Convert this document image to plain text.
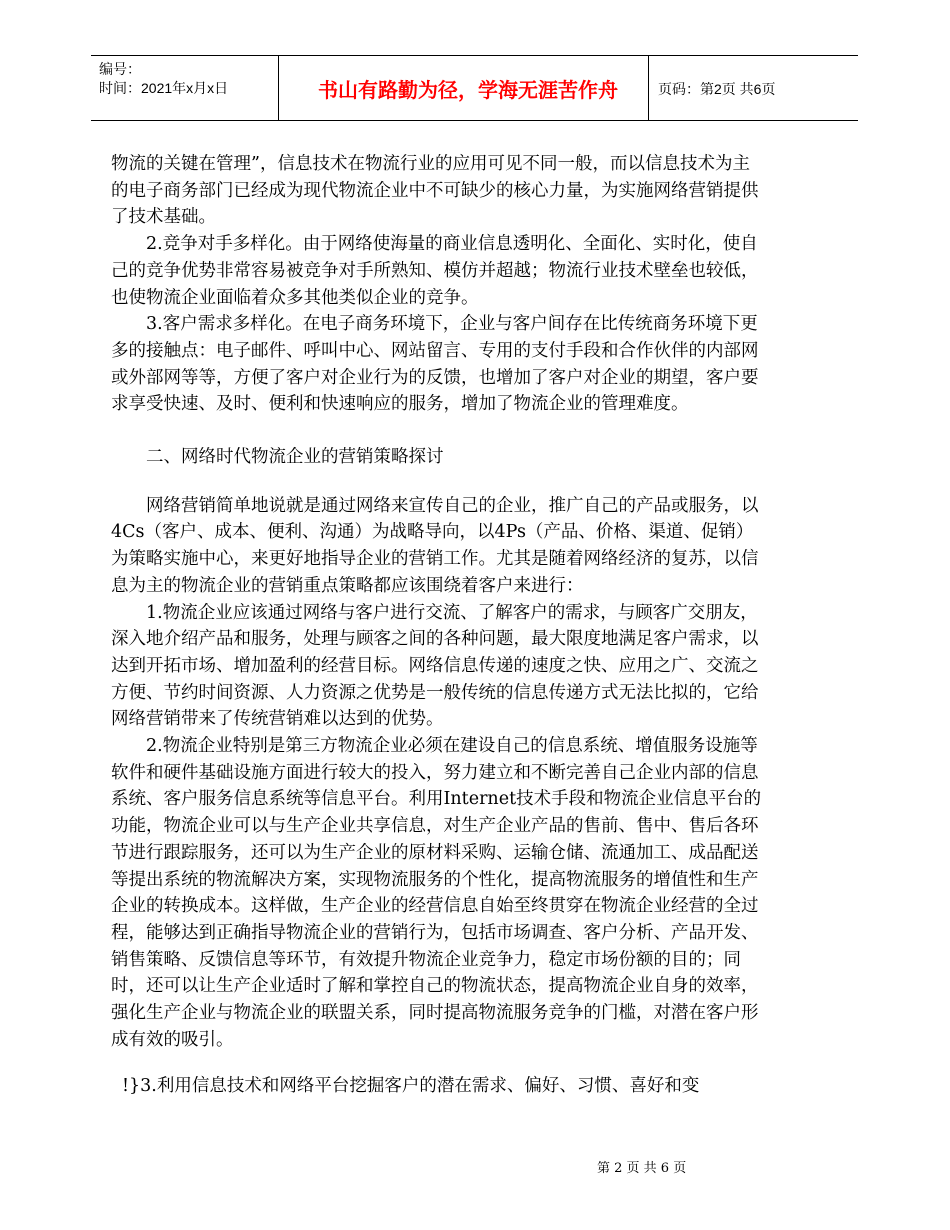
编号：
时间：2021年x月x日	书山有路勤为径，学海无涯苦作舟	页码：第2页 共6页

物流的关键在管理”，信息技术在物流行业的应用可见不同一般，而以信息技术为主的电子商务部门已经成为现代物流企业中不可缺少的核心力量，为实施网络营销提供了技术基础。

2.竞争对手多样化。由于网络使海量的商业信息透明化、全面化、实时化，使自己的竞争优势非常容易被竞争对手所熟知、模仿并超越；物流行业技术壁垒也较低，也使物流企业面临着众多其他类似企业的竞争。

3.客户需求多样化。在电子商务环境下，企业与客户间存在比传统商务环境下更多的接触点：电子邮件、呼叫中心、网站留言、专用的支付手段和合作伙伴的内部网或外部网等等，方便了客户对企业行为的反馈，也增加了客户对企业的期望，客户要求享受快速、及时、便利和快速响应的服务，增加了物流企业的管理难度。

二、网络时代物流企业的营销策略探讨

网络营销简单地说就是通过网络来宣传自己的企业，推广自己的产品或服务，以4Cs（客户、成本、便利、沟通）为战略导向，以4Ps（产品、价格、渠道、促销）为策略实施中心，来更好地指导企业的营销工作。尤其是随着网络经济的复苏，以信息为主的物流企业的营销重点策略都应该围绕着客户来进行：

1.物流企业应该通过网络与客户进行交流、了解客户的需求，与顾客广交朋友，深入地介绍产品和服务，处理与顾客之间的各种问题，最大限度地满足客户需求，以达到开拓市场、增加盈利的经营目标。网络信息传递的速度之快、应用之广、交流之方便、节约时间资源、人力资源之优势是一般传统的信息传递方式无法比拟的，它给网络营销带来了传统营销难以达到的优势。

2.物流企业特别是第三方物流企业必须在建设自己的信息系统、增值服务设施等软件和硬件基础设施方面进行较大的投入，努力建立和不断完善自己企业内部的信息系统、客户服务信息系统等信息平台。利用Internet技术手段和物流企业信息平台的功能，物流企业可以与生产企业共享信息，对生产企业产品的售前、售中、售后各环节进行跟踪服务，还可以为生产企业的原材料采购、运输仓储、流通加工、成品配送等提出系统的物流解决方案，实现物流服务的个性化，提高物流服务的增值性和生产企业的转换成本。这样做，生产企业的经营信息自始至终贯穿在物流企业经营的全过程，能够达到正确指导物流企业的营销行为，包括市场调查、客户分析、产品开发、销售策略、反馈信息等环节，有效提升物流企业竞争力，稳定市场份额的目的；同时，还可以让生产企业适时了解和掌控自己的物流状态，提高物流企业自身的效率，强化生产企业与物流企业的联盟关系，同时提高物流服务竞争的门槛，对潜在客户形成有效的吸引。

!}3.利用信息技术和网络平台挖掘客户的潜在需求、偏好、习惯、喜好和变
第 2 页 共 6 页
